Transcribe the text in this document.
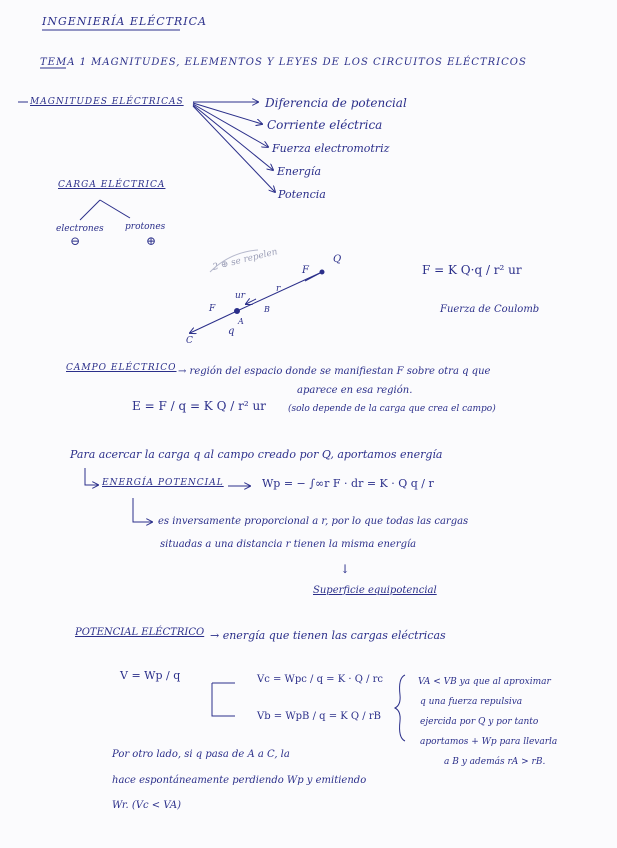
INGENIERÍA ELÉCTRICA
TEMA 1 MAGNITUDES, ELEMENTOS Y LEYES DE LOS CIRCUITOS ELÉCTRICOS
MAGNITUDES ELÉCTRICAS	Diferencia de potencial
Corriente eléctrica
Fuerza electromotriz
Energía
Potencia
CARGA ELÉCTRICA
electrones protones
⊖	⊕
2 ⊕ se repelen	Q
F
ur
r
F
A
B
C
q
F = K Q·q / r² ur
Fuerza de Coulomb
CAMPO ELÉCTRICO → región del espacio donde se manifiestan F sobre otra q que
aparece en esa región.
E = F / q = K Q / r² ur (solo depende de la carga que crea el campo)
Para acercar la carga q al campo creado por Q, aportamos energía
ENERGÍA POTENCIAL	Wp = − ∫∞r F · dr = K · Q q / r
es inversamente proporcional a r, por lo que todas las cargas
situadas a una distancia r tienen la misma energía
↓
Superficie equipotencial
POTENCIAL ELÉCTRICO → energía que tienen las cargas eléctricas
V = Wp / q	Vc = Wpc / q = K · Q / rc
Vb = WpB / q = K Q / rB
VA < VB ya que al aproximar
q una fuerza repulsiva
ejercida por Q y por tanto
aportamos + Wp para llevarla
a B y además rA > rB.
Por otro lado, si q pasa de A a C, la
hace espontáneamente perdiendo Wp y emitiendo
Wr. (Vc < VA)
